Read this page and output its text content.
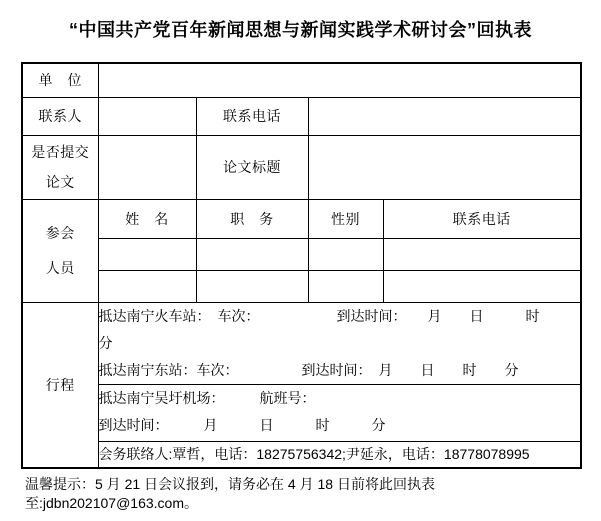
“中国共产党百年新闻思想与新闻实践学术研讨会”回执表
单　位				
联系人		联系电话		

是否提交
论文		论文标题		

参会
人员	姓　名	职　务	性别	联系电话

行程	抵达南宁火车站：　车次：　　　　　　到达时间：　　月　　日　　　时
分
抵达南宁东站：车次：　　　　　到达时间：　月　　日　　时　　分			

	抵达南宁吴圩机场：　　　航班号：
到达时间：　　　月　　　日　　　时　　　分			

	会务联络人:覃哲，电话：18275756342;尹延永，电话：18778078995			
温馨提示：5 月 21 日会议报到，请务必在 4 月 18 日前将此回执表至:jdbn202107@163.com。
